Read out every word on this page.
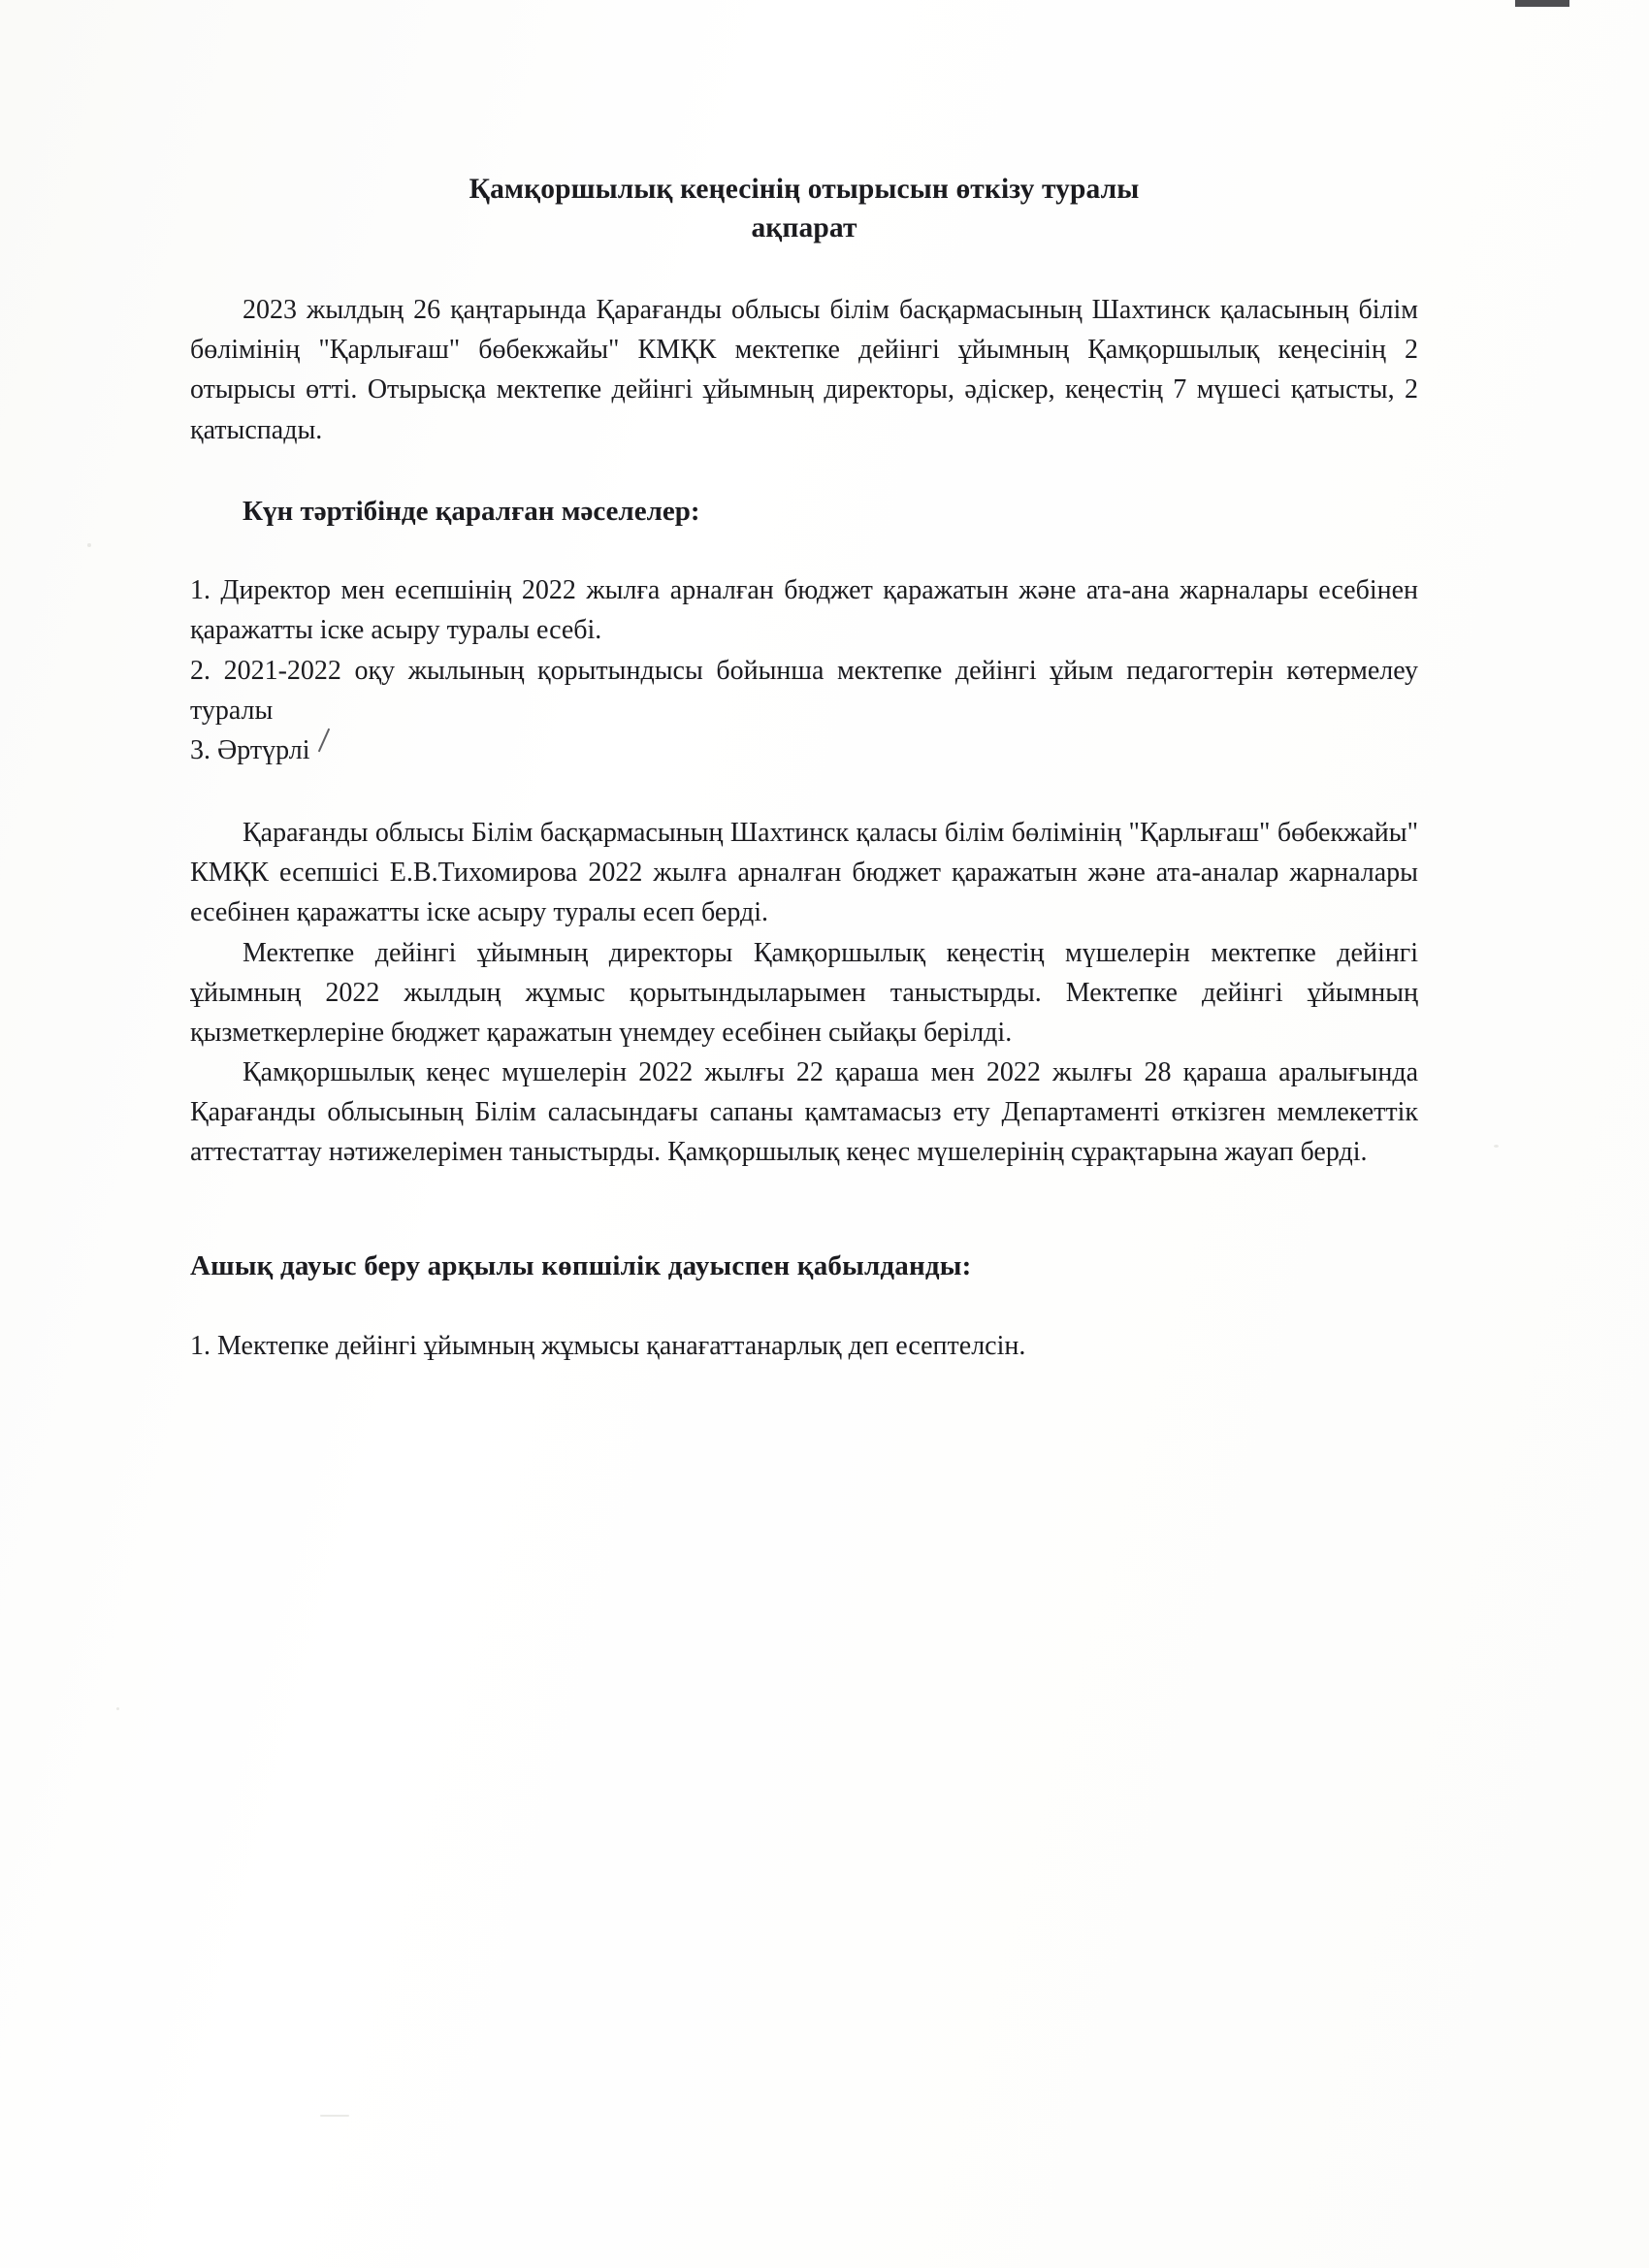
Қамқоршылық кеңесінің отырысын өткізу туралы
ақпарат

2023 жылдың 26 қаңтарында Қарағанды облысы білім басқармасының Шахтинск қаласының білім бөлімінің "Қарлығаш" бөбекжайы" КМҚК мектепке дейінгі ұйымның Қамқоршылық кеңесінің 2 отырысы өтті. Отырысқа мектепке дейінгі ұйымның директоры, әдіскер, кеңестің 7 мүшесі қатысты, 2 қатыспады.

Күн тәртібінде қаралған мәселелер:

1. Директор мен есепшінің 2022 жылға арналған бюджет қаражатын және ата-ана жарналары есебінен қаражатты іске асыру туралы есебі.

2. 2021-2022 оқу жылының қорытындысы бойынша мектепке дейінгі ұйым педагогтерін көтермелеу туралы

3. Әртүрлі

Қарағанды облысы Білім басқармасының Шахтинск қаласы білім бөлімінің "Қарлығаш" бөбекжайы" КМҚК есепшісі Е.В.Тихомирова 2022 жылға арналған бюджет қаражатын және ата-аналар жарналары есебінен қаражатты іске асыру туралы есеп берді.

Мектепке дейінгі ұйымның директоры Қамқоршылық кеңестің мүшелерін мектепке дейінгі ұйымның 2022 жылдың жұмыс қорытындыларымен таныстырды. Мектепке дейінгі ұйымның қызметкерлеріне бюджет қаражатын үнемдеу есебінен сыйақы берілді.

Қамқоршылық кеңес мүшелерін 2022 жылғы 22 қараша мен 2022 жылғы 28 қараша аралығында Қарағанды облысының Білім саласындағы сапаны қамтамасыз ету Департаменті өткізген мемлекеттік аттестаттау нәтижелерімен таныстырды. Қамқоршылық кеңес мүшелерінің сұрақтарына жауап берді.

Ашық дауыс беру арқылы көпшілік дауыспен қабылданды:

1. Мектепке дейінгі ұйымның жұмысы қанағаттанарлық деп есептелсін.
